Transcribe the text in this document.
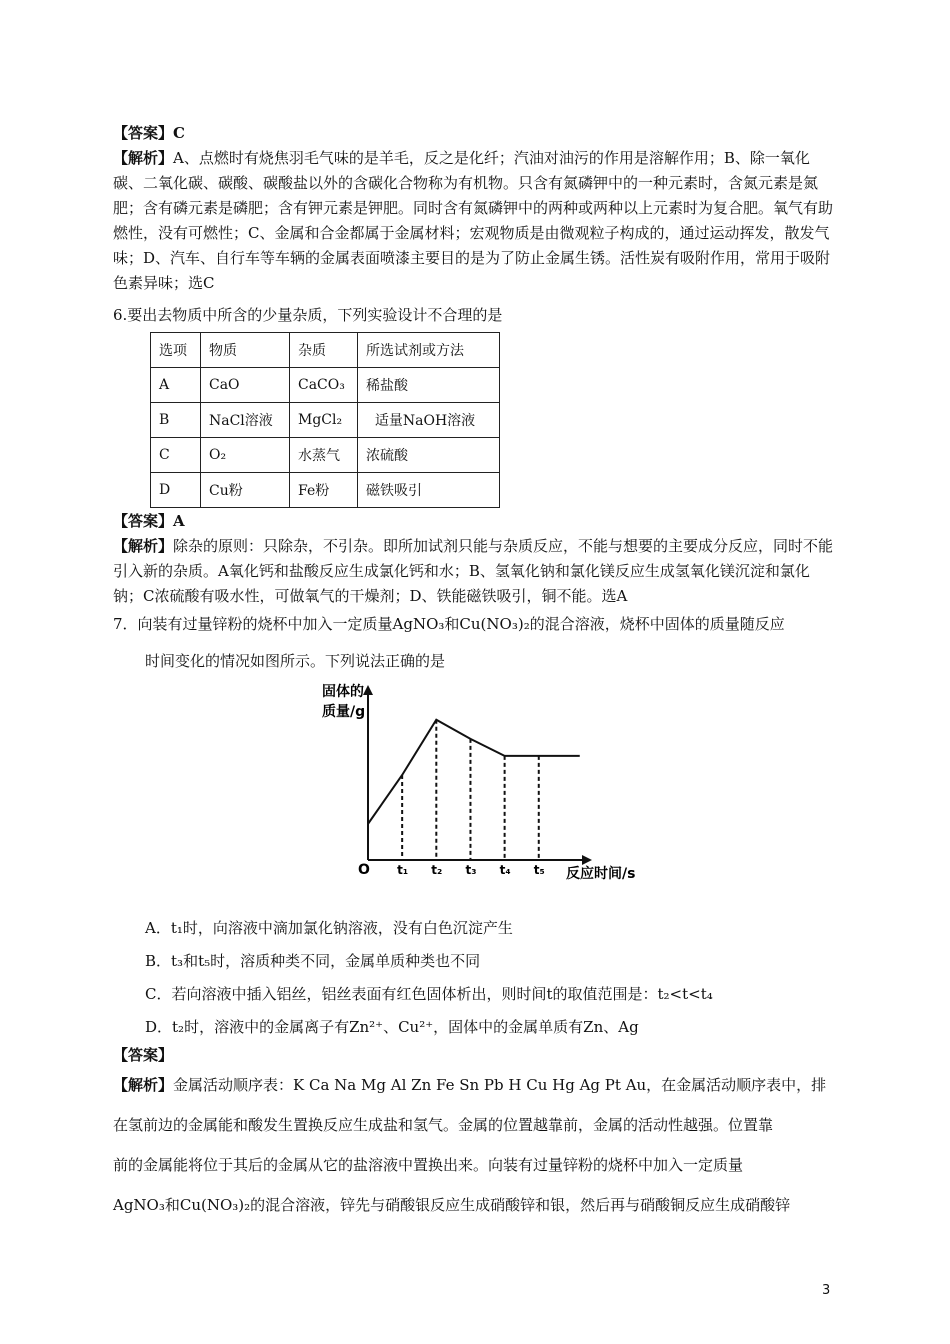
【答案】C

【解析】A、点燃时有烧焦羽毛气味的是羊毛，反之是化纤；汽油对油污的作用是溶解作用；B、除一氧化碳、二氧化碳、碳酸、碳酸盐以外的含碳化合物称为有机物。只含有氮磷钾中的一种元素时，含氮元素是氮肥；含有磷元素是磷肥；含有钾元素是钾肥。同时含有氮磷钾中的两种或两种以上元素时为复合肥。氧气有助燃性，没有可燃性；C、金属和合金都属于金属材料；宏观物质是由微观粒子构成的，通过运动挥发，散发气味；D、汽车、自行车等车辆的金属表面喷漆主要目的是为了防止金属生锈。活性炭有吸附作用，常用于吸附色素异味；选C

6.要出去物质中所含的少量杂质，下列实验设计不合理的是

选项	物质	杂质	所选试剂或方法
A	CaO	CaCO₃	稀盐酸
B	NaCl溶液	MgCl₂	适量NaOH溶液
C	O₂	水蒸气	浓硫酸
D	Cu粉	Fe粉	磁铁吸引

【答案】A

【解析】除杂的原则：只除杂，不引杂。即所加试剂只能与杂质反应，不能与想要的主要成分反应，同时不能引入新的杂质。A氧化钙和盐酸反应生成氯化钙和水；B、氢氧化钠和氯化镁反应生成氢氧化镁沉淀和氯化钠；C浓硫酸有吸水性，可做氧气的干燥剂；D、铁能磁铁吸引，铜不能。选A

7．向装有过量锌粉的烧杯中加入一定质量AgNO₃和Cu(NO₃)₂的混合溶液，烧杯中固体的质量随反应

时间变化的情况如图所示。下列说法正确的是

固体的
质量/g
O	反应时间/s
t₁ t₂ t₃ t₄ t₅

A．t₁时，向溶液中滴加氯化钠溶液，没有白色沉淀产生

B．t₃和t₅时，溶质种类不同，金属单质种类也不同

C．若向溶液中插入铝丝，铝丝表面有红色固体析出，则时间t的取值范围是：t₂<t<t₄

D．t₂时，溶液中的金属离子有Zn²⁺、Cu²⁺，固体中的金属单质有Zn、Ag

【答案】

【解析】金属活动顺序表：K Ca Na Mg Al Zn Fe Sn Pb H Cu Hg Ag Pt Au，在金属活动顺序表中，排

在氢前边的金属能和酸发生置换反应生成盐和氢气。金属的位置越靠前，金属的活动性越强。位置靠

前的金属能将位于其后的金属从它的盐溶液中置换出来。向装有过量锌粉的烧杯中加入一定质量

AgNO₃和Cu(NO₃)₂的混合溶液，锌先与硝酸银反应生成硝酸锌和银，然后再与硝酸铜反应生成硝酸锌

3
